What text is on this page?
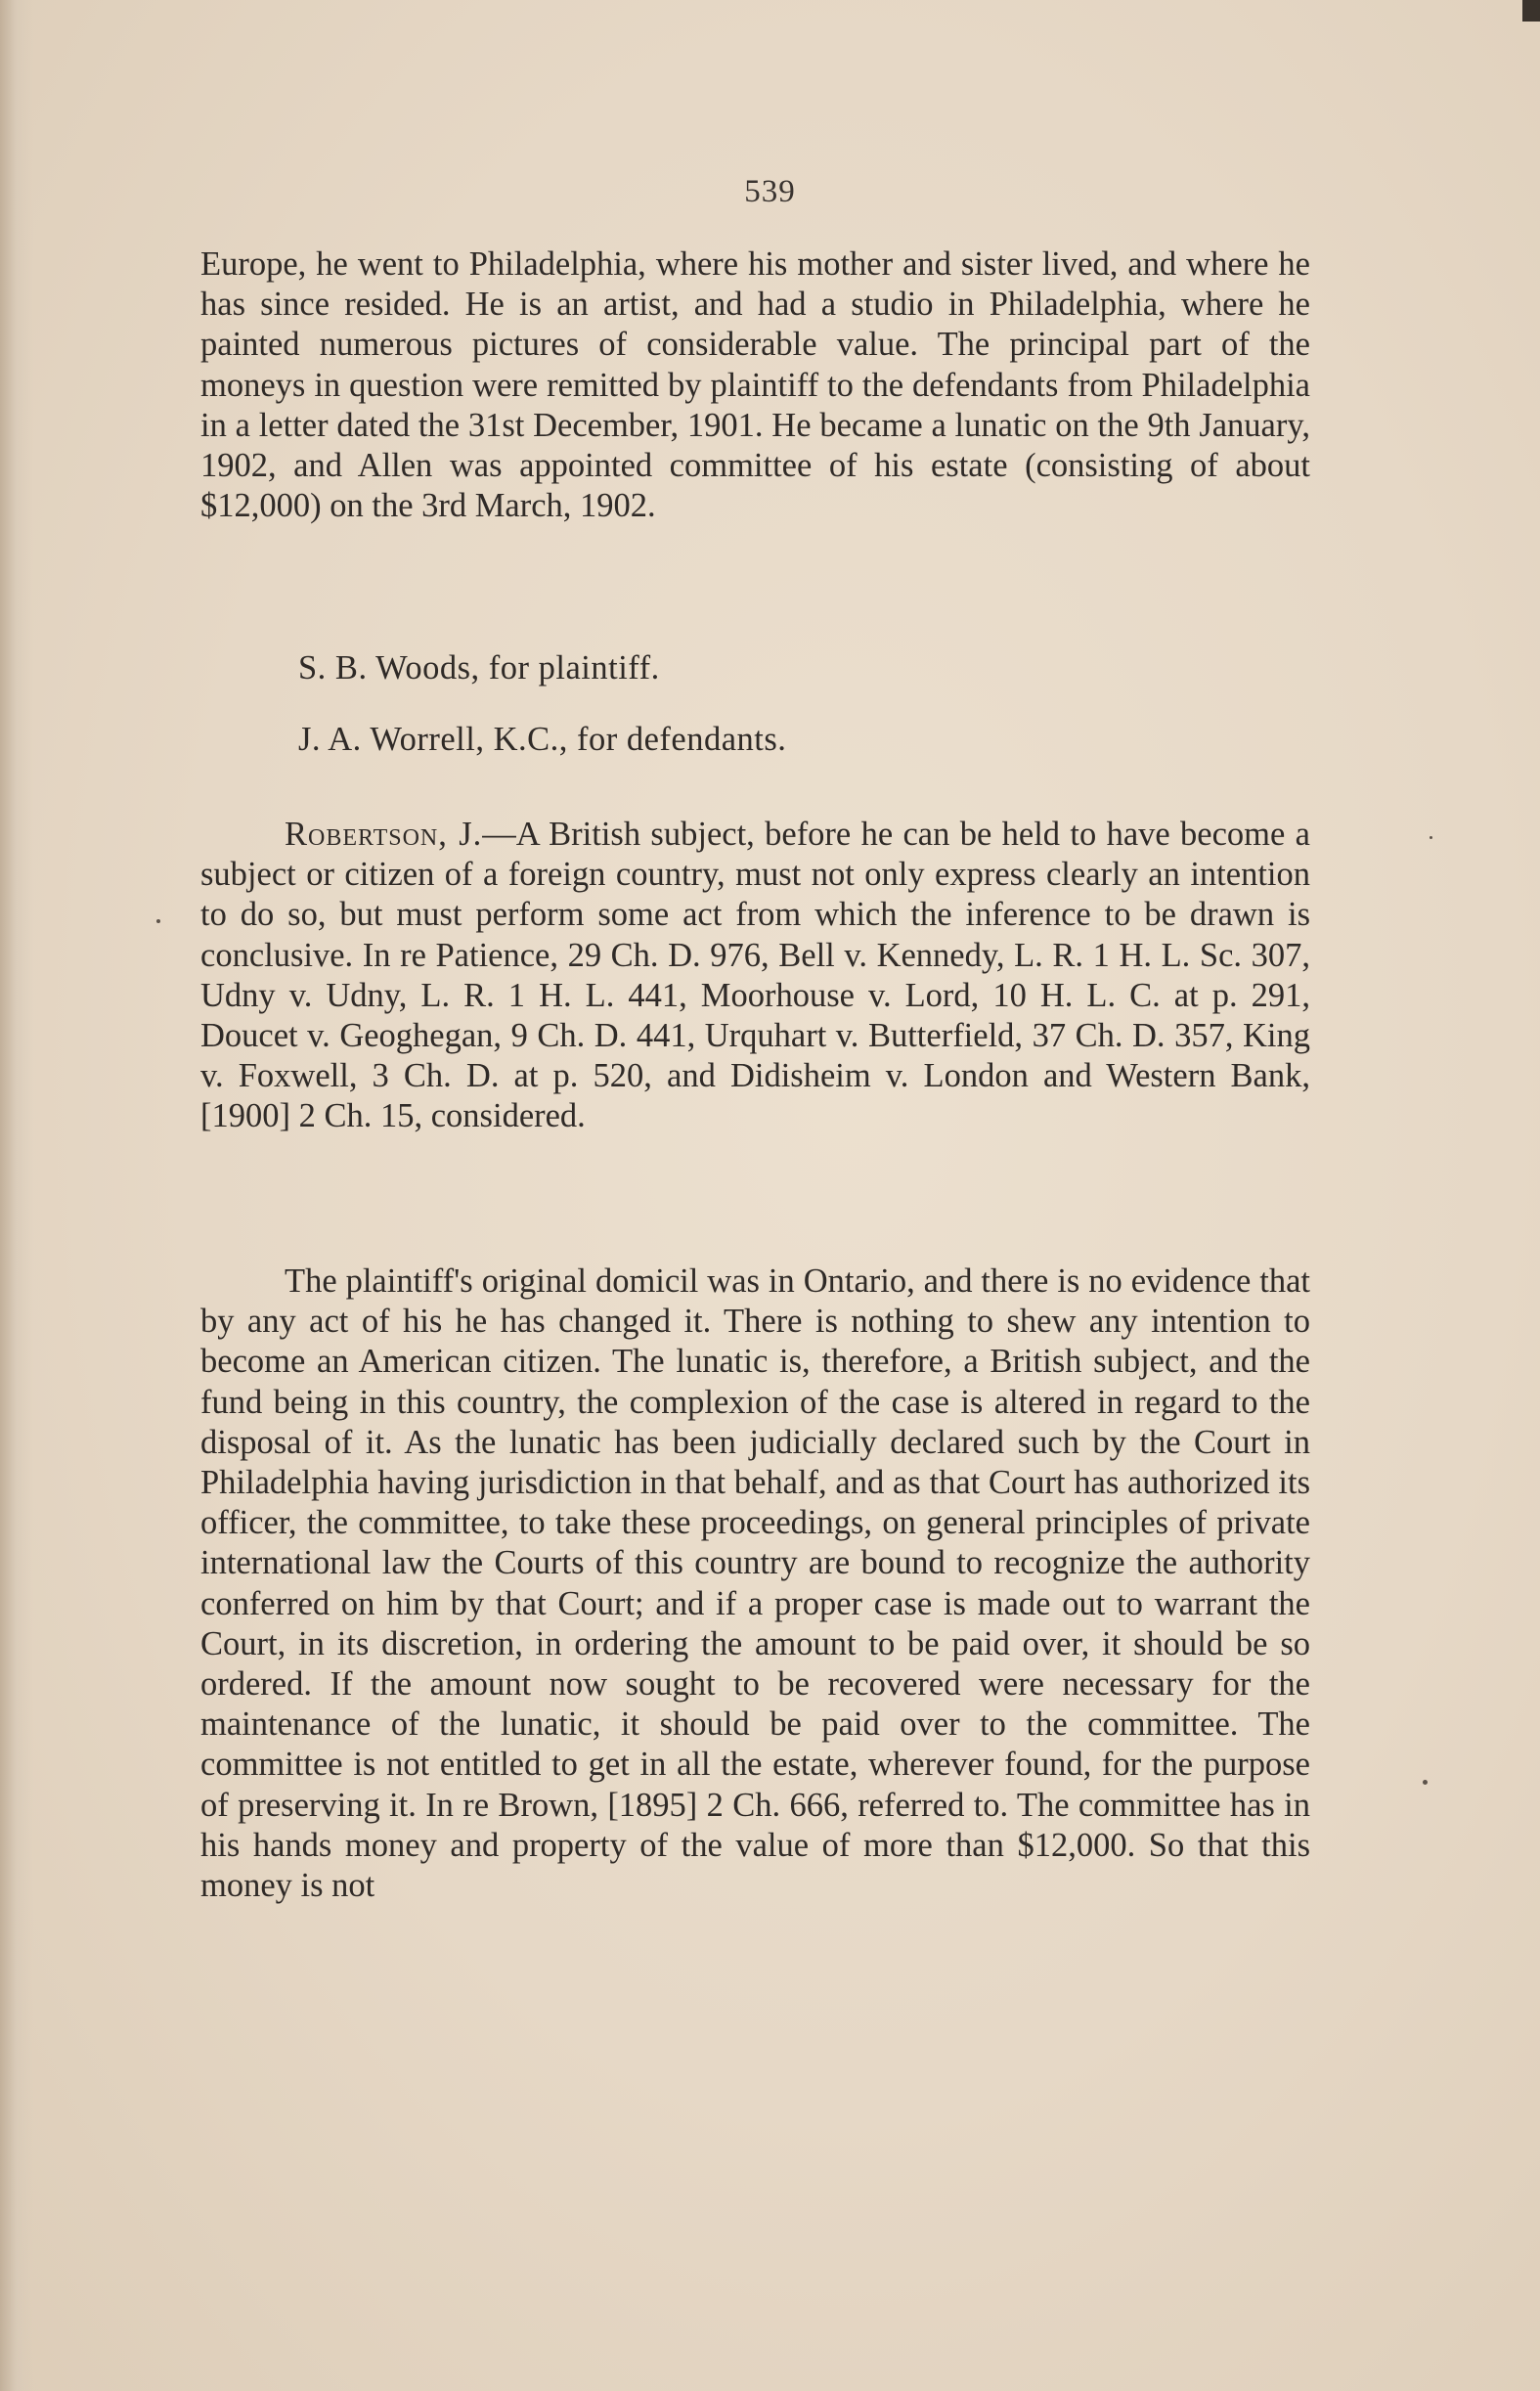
539

Europe, he went to Philadelphia, where his mother and sister lived, and where he has since resided. He is an artist, and had a studio in Philadelphia, where he painted numerous pictures of considerable value. The principal part of the moneys in question were remitted by plaintiff to the defendants from Philadelphia in a letter dated the 31st December, 1901. He became a lunatic on the 9th January, 1902, and Allen was appointed committee of his estate (consisting of about $12,000) on the 3rd March, 1902.

S. B. Woods, for plaintiff.
J. A. Worrell, K.C., for defendants.

Robertson, J.—A British subject, before he can be held to have become a subject or citizen of a foreign country, must not only express clearly an intention to do so, but must perform some act from which the inference to be drawn is conclusive. In re Patience, 29 Ch. D. 976, Bell v. Kennedy, L. R. 1 H. L. Sc. 307, Udny v. Udny, L. R. 1 H. L. 441, Moorhouse v. Lord, 10 H. L. C. at p. 291, Doucet v. Geoghegan, 9 Ch. D. 441, Urquhart v. Butterfield, 37 Ch. D. 357, King v. Foxwell, 3 Ch. D. at p. 520, and Didisheim v. London and Western Bank, [1900] 2 Ch. 15, considered.

The plaintiff's original domicil was in Ontario, and there is no evidence that by any act of his he has changed it. There is nothing to shew any intention to become an American citizen. The lunatic is, therefore, a British subject, and the fund being in this country, the complexion of the case is altered in regard to the disposal of it. As the lunatic has been judicially declared such by the Court in Philadelphia having jurisdiction in that behalf, and as that Court has authorized its officer, the committee, to take these proceedings, on general principles of private international law the Courts of this country are bound to recognize the authority conferred on him by that Court; and if a proper case is made out to warrant the Court, in its discretion, in ordering the amount to be paid over, it should be so ordered. If the amount now sought to be recovered were necessary for the maintenance of the lunatic, it should be paid over to the committee. The committee is not entitled to get in all the estate, wherever found, for the purpose of preserving it. In re Brown, [1895] 2 Ch. 666, referred to. The committee has in his hands money and property of the value of more than $12,000. So that this money is not
